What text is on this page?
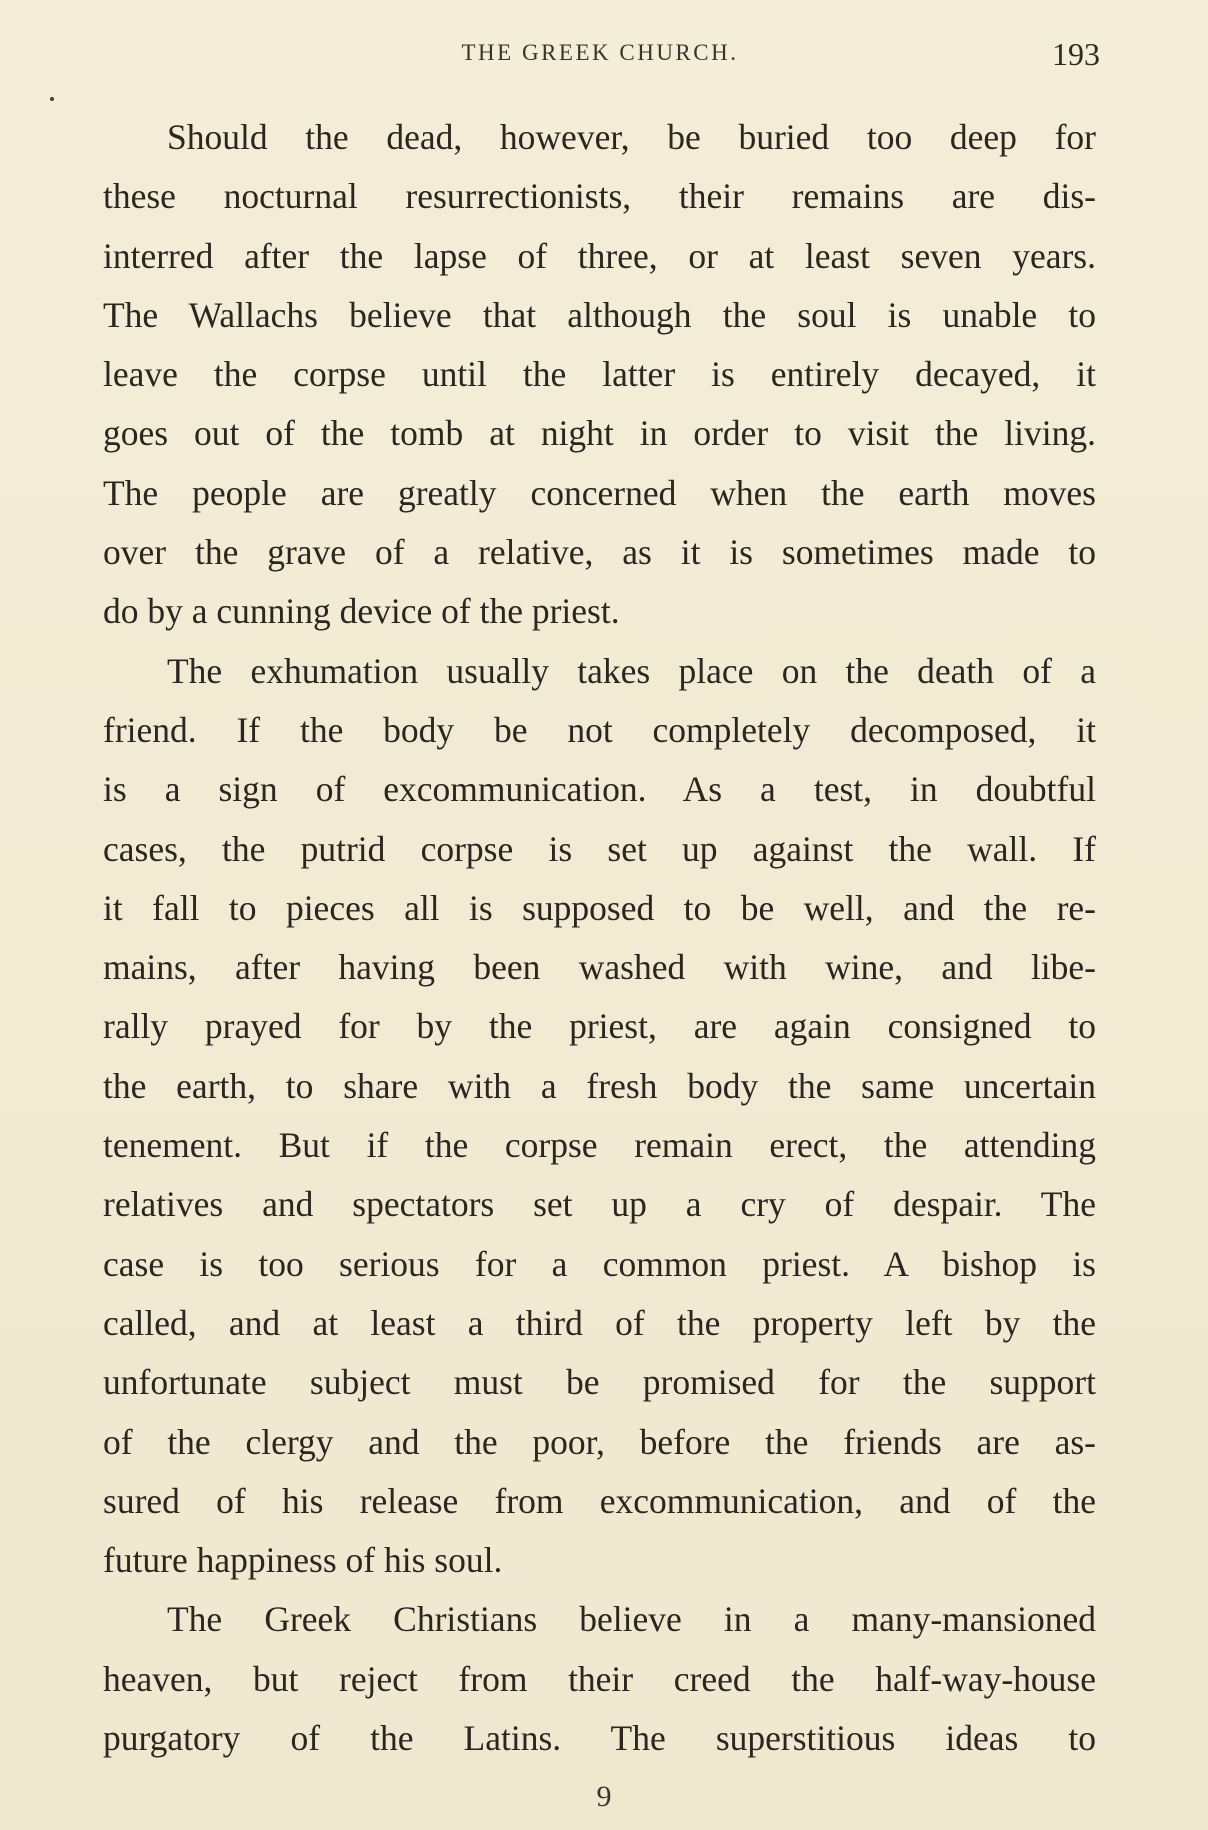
THE GREEK CHURCH.	193
Should the dead, however, be buried too deep for
these nocturnal resurrectionists, their remains are dis-
interred after the lapse of three, or at least seven years.
The Wallachs believe that although the soul is unable to
leave the corpse until the latter is entirely decayed, it
goes out of the tomb at night in order to visit the living.
The people are greatly concerned when the earth moves
over the grave of a relative, as it is sometimes made to
do by a cunning device of the priest.
The exhumation usually takes place on the death of a
friend. If the body be not completely decomposed, it
is a sign of excommunication. As a test, in doubtful
cases, the putrid corpse is set up against the wall. If
it fall to pieces all is supposed to be well, and the re-
mains, after having been washed with wine, and libe-
rally prayed for by the priest, are again consigned to
the earth, to share with a fresh body the same uncertain
tenement. But if the corpse remain erect, the attending
relatives and spectators set up a cry of despair. The
case is too serious for a common priest. A bishop is
called, and at least a third of the property left by the
unfortunate subject must be promised for the support
of the clergy and the poor, before the friends are as-
sured of his release from excommunication, and of the
future happiness of his soul.
The Greek Christians believe in a many-mansioned
heaven, but reject from their creed the half-way-house
purgatory of the Latins. The superstitious ideas to
9
